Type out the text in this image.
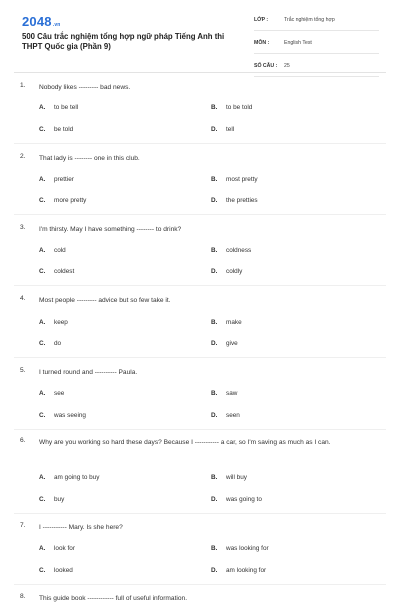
2048.vn
500 Câu trắc nghiệm tổng hợp ngữ pháp Tiếng Anh thi THPT Quốc gia (Phần 9)
LỚP :	Trắc nghiệm tổng hợp
MÔN :	English Test
SỐ CÂU : 25
1. Nobody likes --------- bad news.
A. to be tell	B. to be told
C. be told	D. tell
2. That lady is -------- one in this club.
A. prettier	B. most pretty
C. more pretty	D. the pretties
3. I'm thirsty. May I have something -------- to drink?
A. cold	B. coldness
C. coldest	D. coldly
4. Most people --------- advice but so few take it.
A. keep	B. make
C. do	D. give
5. I turned round and ---------- Paula.
A. see	B. saw
C. was seeing	D. seen
6. Why are you working so hard these days? Because I ----------- a car, so I'm saving as much as I can.
A. am going to buy	B. will buy
C. buy	D. was going to
7. I ----------- Mary. Is she here?
A. look for	B. was looking for
C. looked	D. am looking for
8. This guide book ------------ full of useful information.
